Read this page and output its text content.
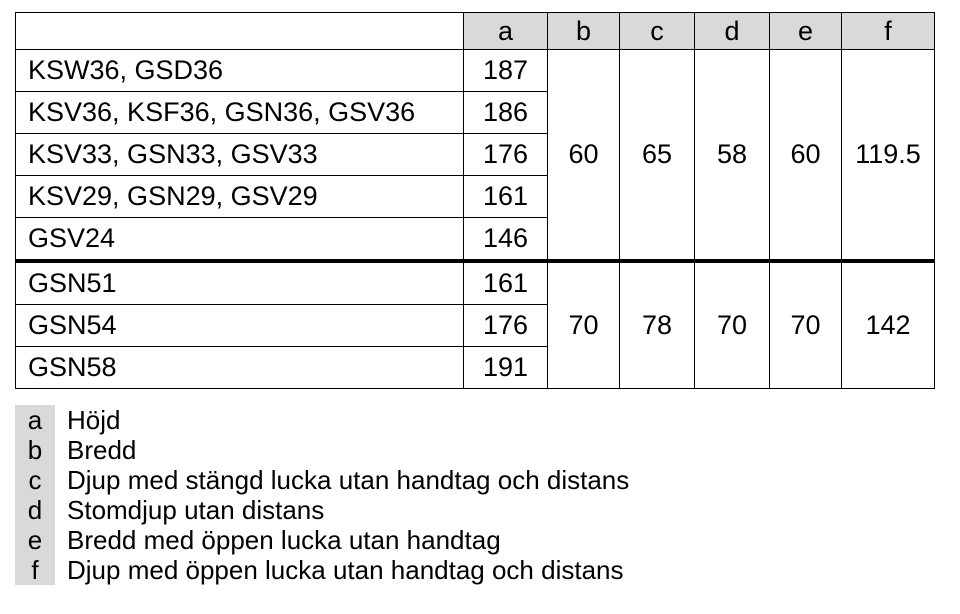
	a	b	c	d	e	f
KSW36, GSD36	187	60	65	58	60	119.5
KSV36, KSF36, GSN36, GSV36	186					
KSV33, GSN33, GSV33	176					
KSV29, GSN29, GSV29	161					
GSV24	146					
GSN51	161	70	78	70	70	142
GSN54	176					
GSN58	191					
a Höjd
b Bredd
c Djup med stängd lucka utan handtag och distans
d Stomdjup utan distans
e Bredd med öppen lucka utan handtag
f	Djup med öppen lucka utan handtag och distans
